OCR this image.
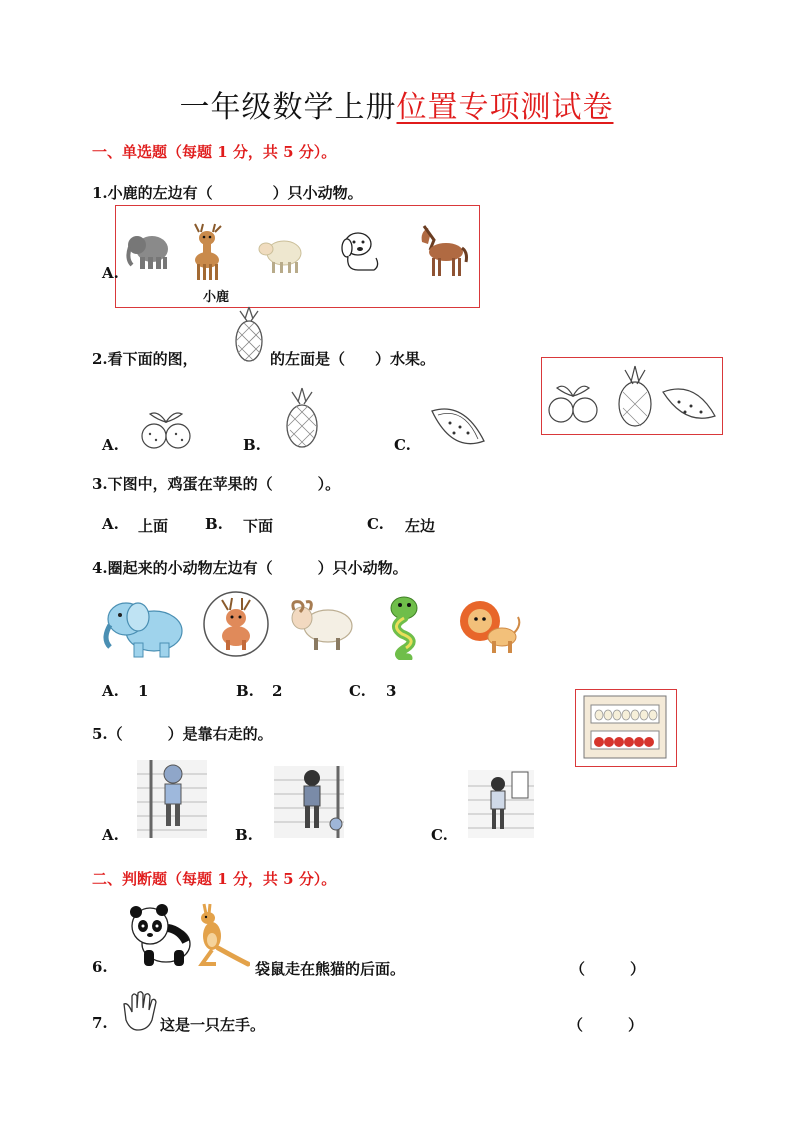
一年级数学上册位置专项测试卷
一、单选题（每题 1 分，共 5 分）。
1.小鹿的左边有（　　　　）只小动物。
A.
小鹿
2.看下面的图，	的左面是（　　）水果。
A.	B.	C.
3.下图中，鸡蛋在苹果的（　　　）。
A. 上面 B. 下面	C. 左边
4.圈起来的小动物左边有（　　　）只小动物。
A. 1	B. 2	C. 3
5.（　　　）是靠右走的。
A.	B.	C.
二、判断题（每题 1 分，共 5 分）。
6.	袋鼠走在熊猫的后面。	（　　　）
7.	这是一只左手。	（　　　）
